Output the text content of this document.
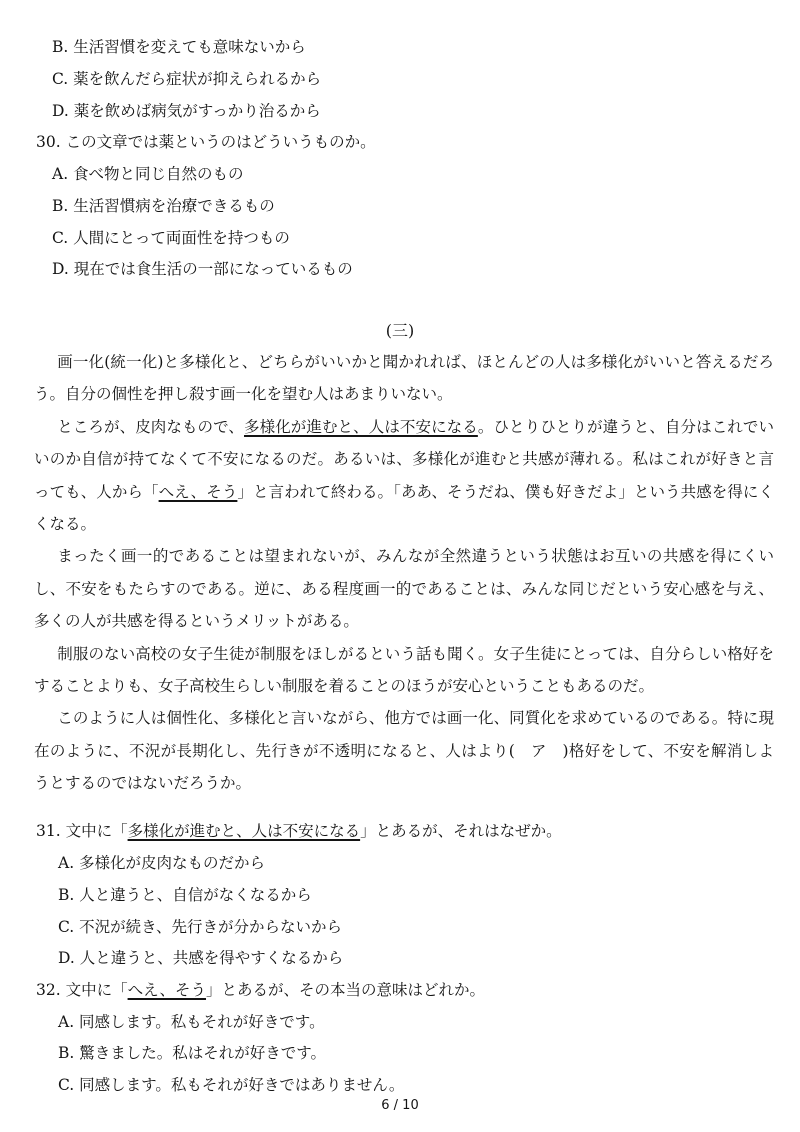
B. 生活習慣を変えても意味ないから
C. 薬を飲んだら症状が抑えられるから
D. 薬を飲めば病気がすっかり治るから
30. この文章では薬というのはどういうものか。
A. 食べ物と同じ自然のもの
B. 生活習慣病を治療できるもの
C. 人間にとって両面性を持つもの
D. 現在では食生活の一部になっているもの
(三)

画一化(統一化)と多様化と、どちらがいいかと聞かれれば、ほとんどの人は多様化がいいと答えるだろう。自分の個性を押し殺す画一化を望む人はあまりいない。

ところが、皮肉なもので、多様化が進むと、人は不安になる。ひとりひとりが違うと、自分はこれでいいのか自信が持てなくて不安になるのだ。あるいは、多様化が進むと共感が薄れる。私はこれが好きと言っても、人から「へえ、そう」と言われて終わる。「ああ、そうだね、僕も好きだよ」という共感を得にくくなる。

まったく画一的であることは望まれないが、みんなが全然違うという状態はお互いの共感を得にくいし、不安をもたらすのである。逆に、ある程度画一的であることは、みんな同じだという安心感を与え、多くの人が共感を得るというメリットがある。

制服のない高校の女子生徒が制服をほしがるという話も聞く。女子生徒にとっては、自分らしい格好をすることよりも、女子高校生らしい制服を着ることのほうが安心ということもあるのだ。

このように人は個性化、多様化と言いながら、他方では画一化、同質化を求めているのである。特に現在のように、不況が長期化し、先行きが不透明になると、人はより(　ア　)格好をして、不安を解消しようとするのではないだろうか。

31. 文中に「多様化が進むと、人は不安になる」とあるが、それはなぜか。
A. 多様化が皮肉なものだから
B. 人と違うと、自信がなくなるから
C. 不況が続き、先行きが分からないから
D. 人と違うと、共感を得やすくなるから
32. 文中に「へえ、そう」とあるが、その本当の意味はどれか。
A. 同感します。私もそれが好きです。
B. 驚きました。私はそれが好きです。
C. 同感します。私もそれが好きではありません。
6 / 10
